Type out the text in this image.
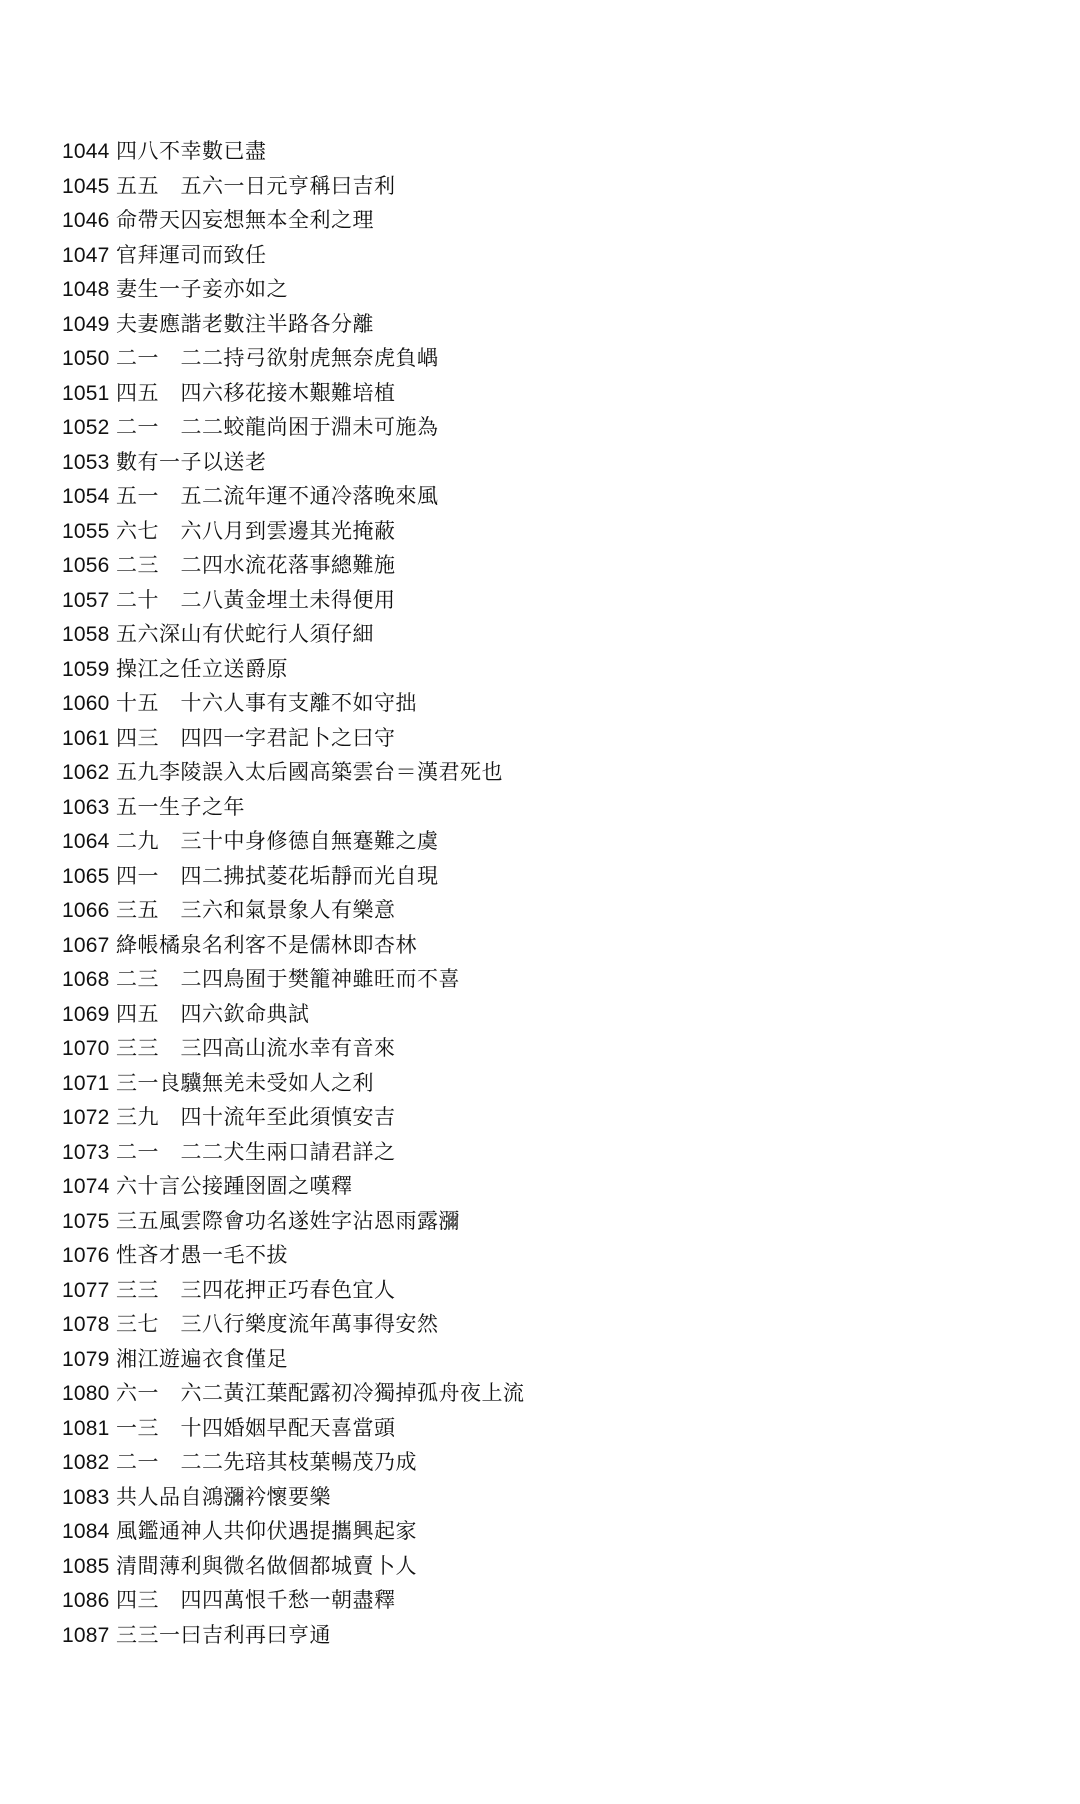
1044 四八不幸數已盡
1045 五五　五六一日元亨稱曰吉利
1046 命帶天囚妄想無本全利之理
1047 官拜運司而致任
1048 妻生一子妾亦如之
1049 夫妻應諧老數注半路各分離
1050 二一　二二持弓欲射虎無奈虎負嵎
1051 四五　四六移花接木艱難培植
1052 二一　二二蛟龍尚困于淵未可施為
1053 數有一子以送老
1054 五一　五二流年運不通冷落晚來風
1055 六七　六八月到雲邊其光掩蔽
1056 二三　二四水流花落事總難施
1057 二十　二八黃金埋土未得便用
1058 五六深山有伏蛇行人須仔細
1059 操江之任立送爵原
1060 十五　十六人事有支離不如守拙
1061 四三　四四一字君記卜之曰守
1062 五九李陵誤入太后國高築雲台＝漢君死也
1063 五一生子之年
1064 二九　三十中身修德自無蹇難之虞
1065 四一　四二拂拭菱花垢靜而光自現
1066 三五　三六和氣景象人有樂意
1067 絳帳橘泉名利客不是儒林即杏林
1068 二三　二四鳥囿于樊籠神雖旺而不喜
1069 四五　四六欽命典試
1070 三三　三四高山流水幸有音來
1071 三一良驥無羌未受如人之利
1072 三九　四十流年至此須慎安吉
1073 二一　二二犬生兩口請君詳之
1074 六十言公接踵囹圄之嘆釋
1075 三五風雲際會功名遂姓字沾恩雨露瀰
1076 性吝才愚一毛不拔
1077 三三　三四花押正巧春色宜人
1078 三七　三八行樂度流年萬事得安然
1079 湘江遊遍衣食僅足
1080 六一　六二黃江葉配露初冷獨掉孤舟夜上流
1081 一三　十四婚姻早配天喜當頭
1082 二一　二二先琣其枝葉暢茂乃成
1083 共人品自鴻瀰衿懷要樂
1084 風鑑通神人共仰伏遇提攜興起家
1085 清間薄利與微名做個都城賣卜人
1086 四三　四四萬恨千愁一朝盡釋
1087 三三一曰吉利再曰亨通
